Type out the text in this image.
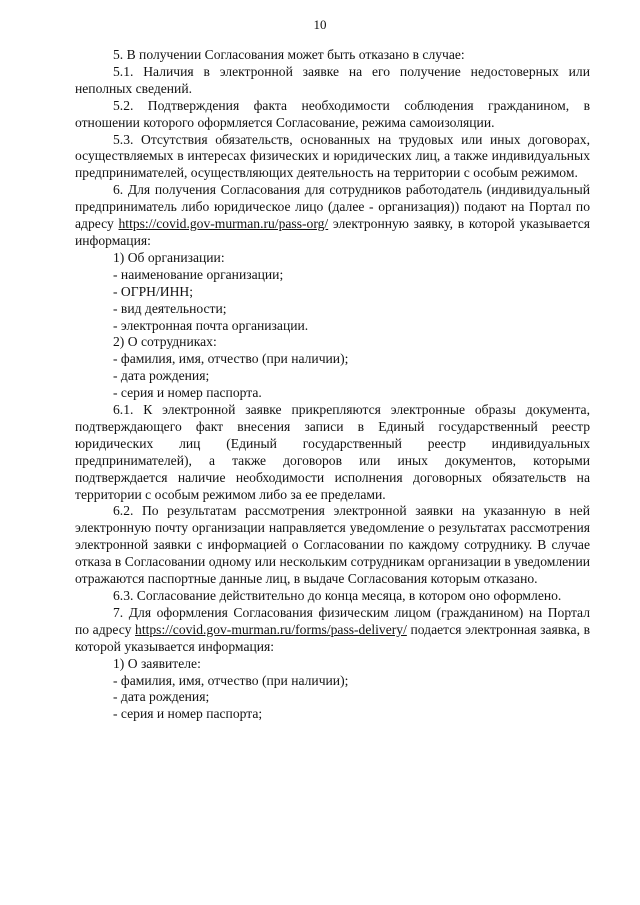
10

5. В получении Согласования может быть отказано в случае:

5.1. Наличия в электронной заявке на его получение недостоверных или неполных сведений.

5.2. Подтверждения факта необходимости соблюдения гражданином, в отношении которого оформляется Согласование, режима самоизоляции.

5.3. Отсутствия обязательств, основанных на трудовых или иных договорах, осуществляемых в интересах физических и юридических лиц, а также индивидуальных предпринимателей, осуществляющих деятельность на территории с особым режимом.

6. Для получения Согласования для сотрудников работодатель (индивидуальный предприниматель либо юридическое лицо (далее - организация)) подают на Портал по адресу https://covid.gov-murman.ru/pass-org/ электронную заявку, в которой указывается информация:

1) Об организации:

- наименование организации;

- ОГРН/ИНН;

- вид деятельности;

- электронная почта организации.

2) О сотрудниках:

- фамилия, имя, отчество (при наличии);

- дата рождения;

- серия и номер паспорта.

6.1. К электронной заявке прикрепляются электронные образы документа, подтверждающего факт внесения записи в Единый государственный реестр юридических лиц (Единый государственный реестр индивидуальных предпринимателей), а также договоров или иных документов, которыми подтверждается наличие необходимости исполнения договорных обязательств на территории с особым режимом либо за ее пределами.

6.2. По результатам рассмотрения электронной заявки на указанную в ней электронную почту организации направляется уведомление о результатах рассмотрения электронной заявки с информацией о Согласовании по каждому сотруднику. В случае отказа в Согласовании одному или нескольким сотрудникам организации в уведомлении отражаются паспортные данные лиц, в выдаче Согласования которым отказано.

6.3. Согласование действительно до конца месяца, в котором оно оформлено.

7. Для оформления Согласования физическим лицом (гражданином) на Портал по адресу https://covid.gov-murman.ru/forms/pass-delivery/ подается электронная заявка, в которой указывается информация:

1) О заявителе:

- фамилия, имя, отчество (при наличии);

- дата рождения;

- серия и номер паспорта;
